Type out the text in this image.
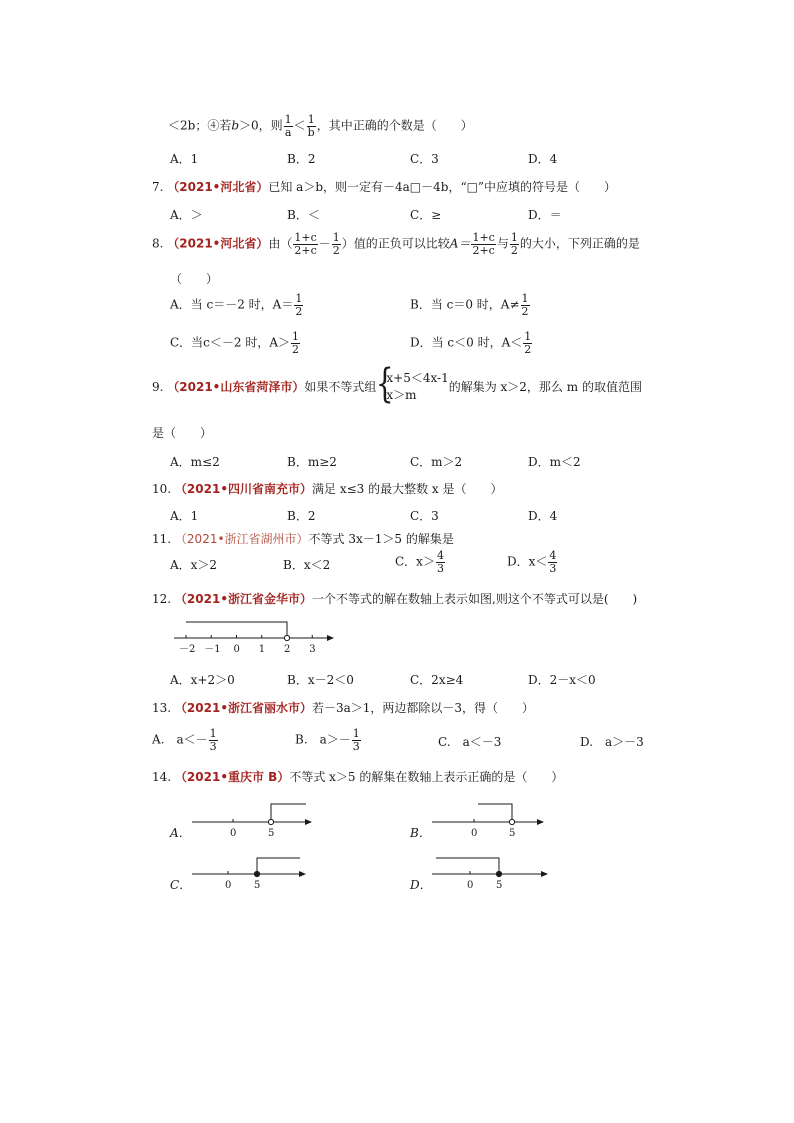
＜2b；④若b＞0，则 $\frac{1}{a} < \frac{1}{b}$ ，其中正确的个数是（　　）
A．1	B．2	C．3	D．4
7. （2021•河北省）已知 a＞b，则一定有－4a□－4b，“□”中应填的符号是（　　）
A．＞	B．＜	C．≥	D．＝
8. （2021•河北省）由（ $\frac{1+c}{2+c} - \frac{1}{2}$ ）值的正负可以比较$A= \frac{1+c}{2+c}$ 与 $\frac{1}{2}$ 的大小，下列正确的是
（　　）
A．当 c＝－2 时，$A= \frac{1}{2}$	B．当 c＝0 时，$A\ne \frac{1}{2}$
C．当c＜－2 时，$A> \frac{1}{2}$	D．当 c＜0 时，$A< \frac{1}{2}$
9. （2021•山东省菏泽市）如果不等式组
{ x+5＜4x-1
x＞m
的解集为 x＞2，那么 m 的取值范围
是（　　）
A．m≤2	B．m≥2	C．m＞2	D．m＜2
10. （2021•四川省南充市）满足 x≤3 的最大整数 x 是（　　）
A．1	B．2	C．3	D．4
11. （2021•浙江省湖州市）不等式 3x－1＞5 的解集是
A．x＞2	B．x＜2	C．$x> \frac{4}{3}$	D．$x< \frac{4}{3}$
12. （2021•浙江省金华市）一个不等式的解在数轴上表示如图,则这个不等式可以是(　　)
－2 －1 0 1 2 3
A．x+2＞0	B．x－2＜0	C．2x≥4	D．2－x＜0
13. （2021•浙江省丽水市）若－3a＞1，两边都除以－3，得（　　）
A.　$a<- \frac{1}{3}$	B.　$a>- \frac{1}{3}$	C.　a＜－3	D.　a＞－3
14. （2021•重庆市 B）不等式 x＞5 的解集在数轴上表示正确的是（　　）
A．	0	5	B．	0	5
C．	0 5	D．	0 5
